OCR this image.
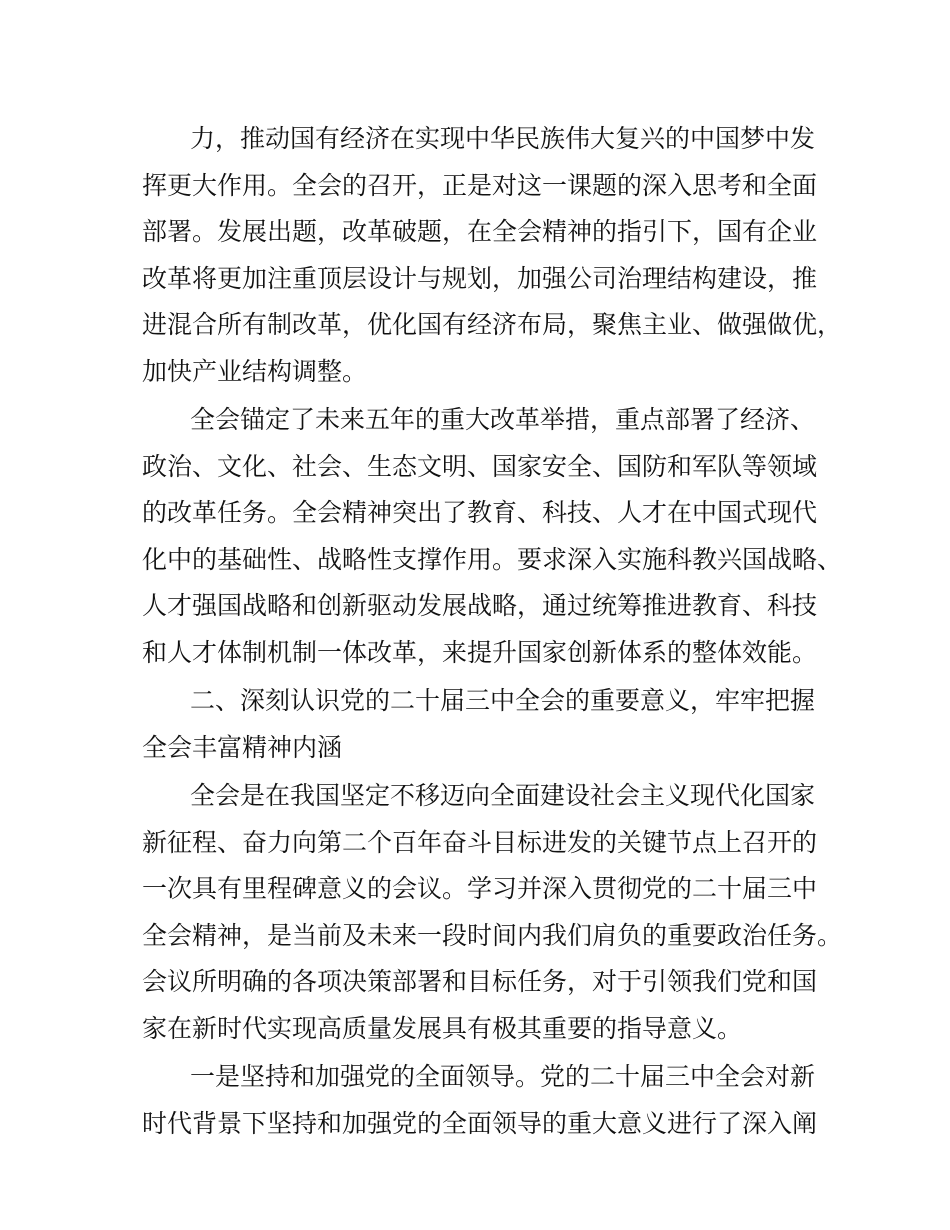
力，推动国有经济在实现中华民族伟大复兴的中国梦中发
挥更大作用。全会的召开，正是对这一课题的深入思考和全面
部署。发展出题，改革破题，在全会精神的指引下，国有企业
改革将更加注重顶层设计与规划，加强公司治理结构建设，推
进混合所有制改革，优化国有经济布局，聚焦主业、做强做优，
加快产业结构调整。
全会锚定了未来五年的重大改革举措，重点部署了经济、
政治、文化、社会、生态文明、国家安全、国防和军队等领域
的改革任务。全会精神突出了教育、科技、人才在中国式现代
化中的基础性、战略性支撑作用。要求深入实施科教兴国战略、
人才强国战略和创新驱动发展战略，通过统筹推进教育、科技
和人才体制机制一体改革，来提升国家创新体系的整体效能。
二、深刻认识党的二十届三中全会的重要意义，牢牢把握
全会丰富精神内涵
全会是在我国坚定不移迈向全面建设社会主义现代化国家
新征程、奋力向第二个百年奋斗目标进发的关键节点上召开的
一次具有里程碑意义的会议。学习并深入贯彻党的二十届三中
全会精神，是当前及未来一段时间内我们肩负的重要政治任务。
会议所明确的各项决策部署和目标任务，对于引领我们党和国
家在新时代实现高质量发展具有极其重要的指导意义。
一是坚持和加强党的全面领导。党的二十届三中全会对新
时代背景下坚持和加强党的全面领导的重大意义进行了深入阐
